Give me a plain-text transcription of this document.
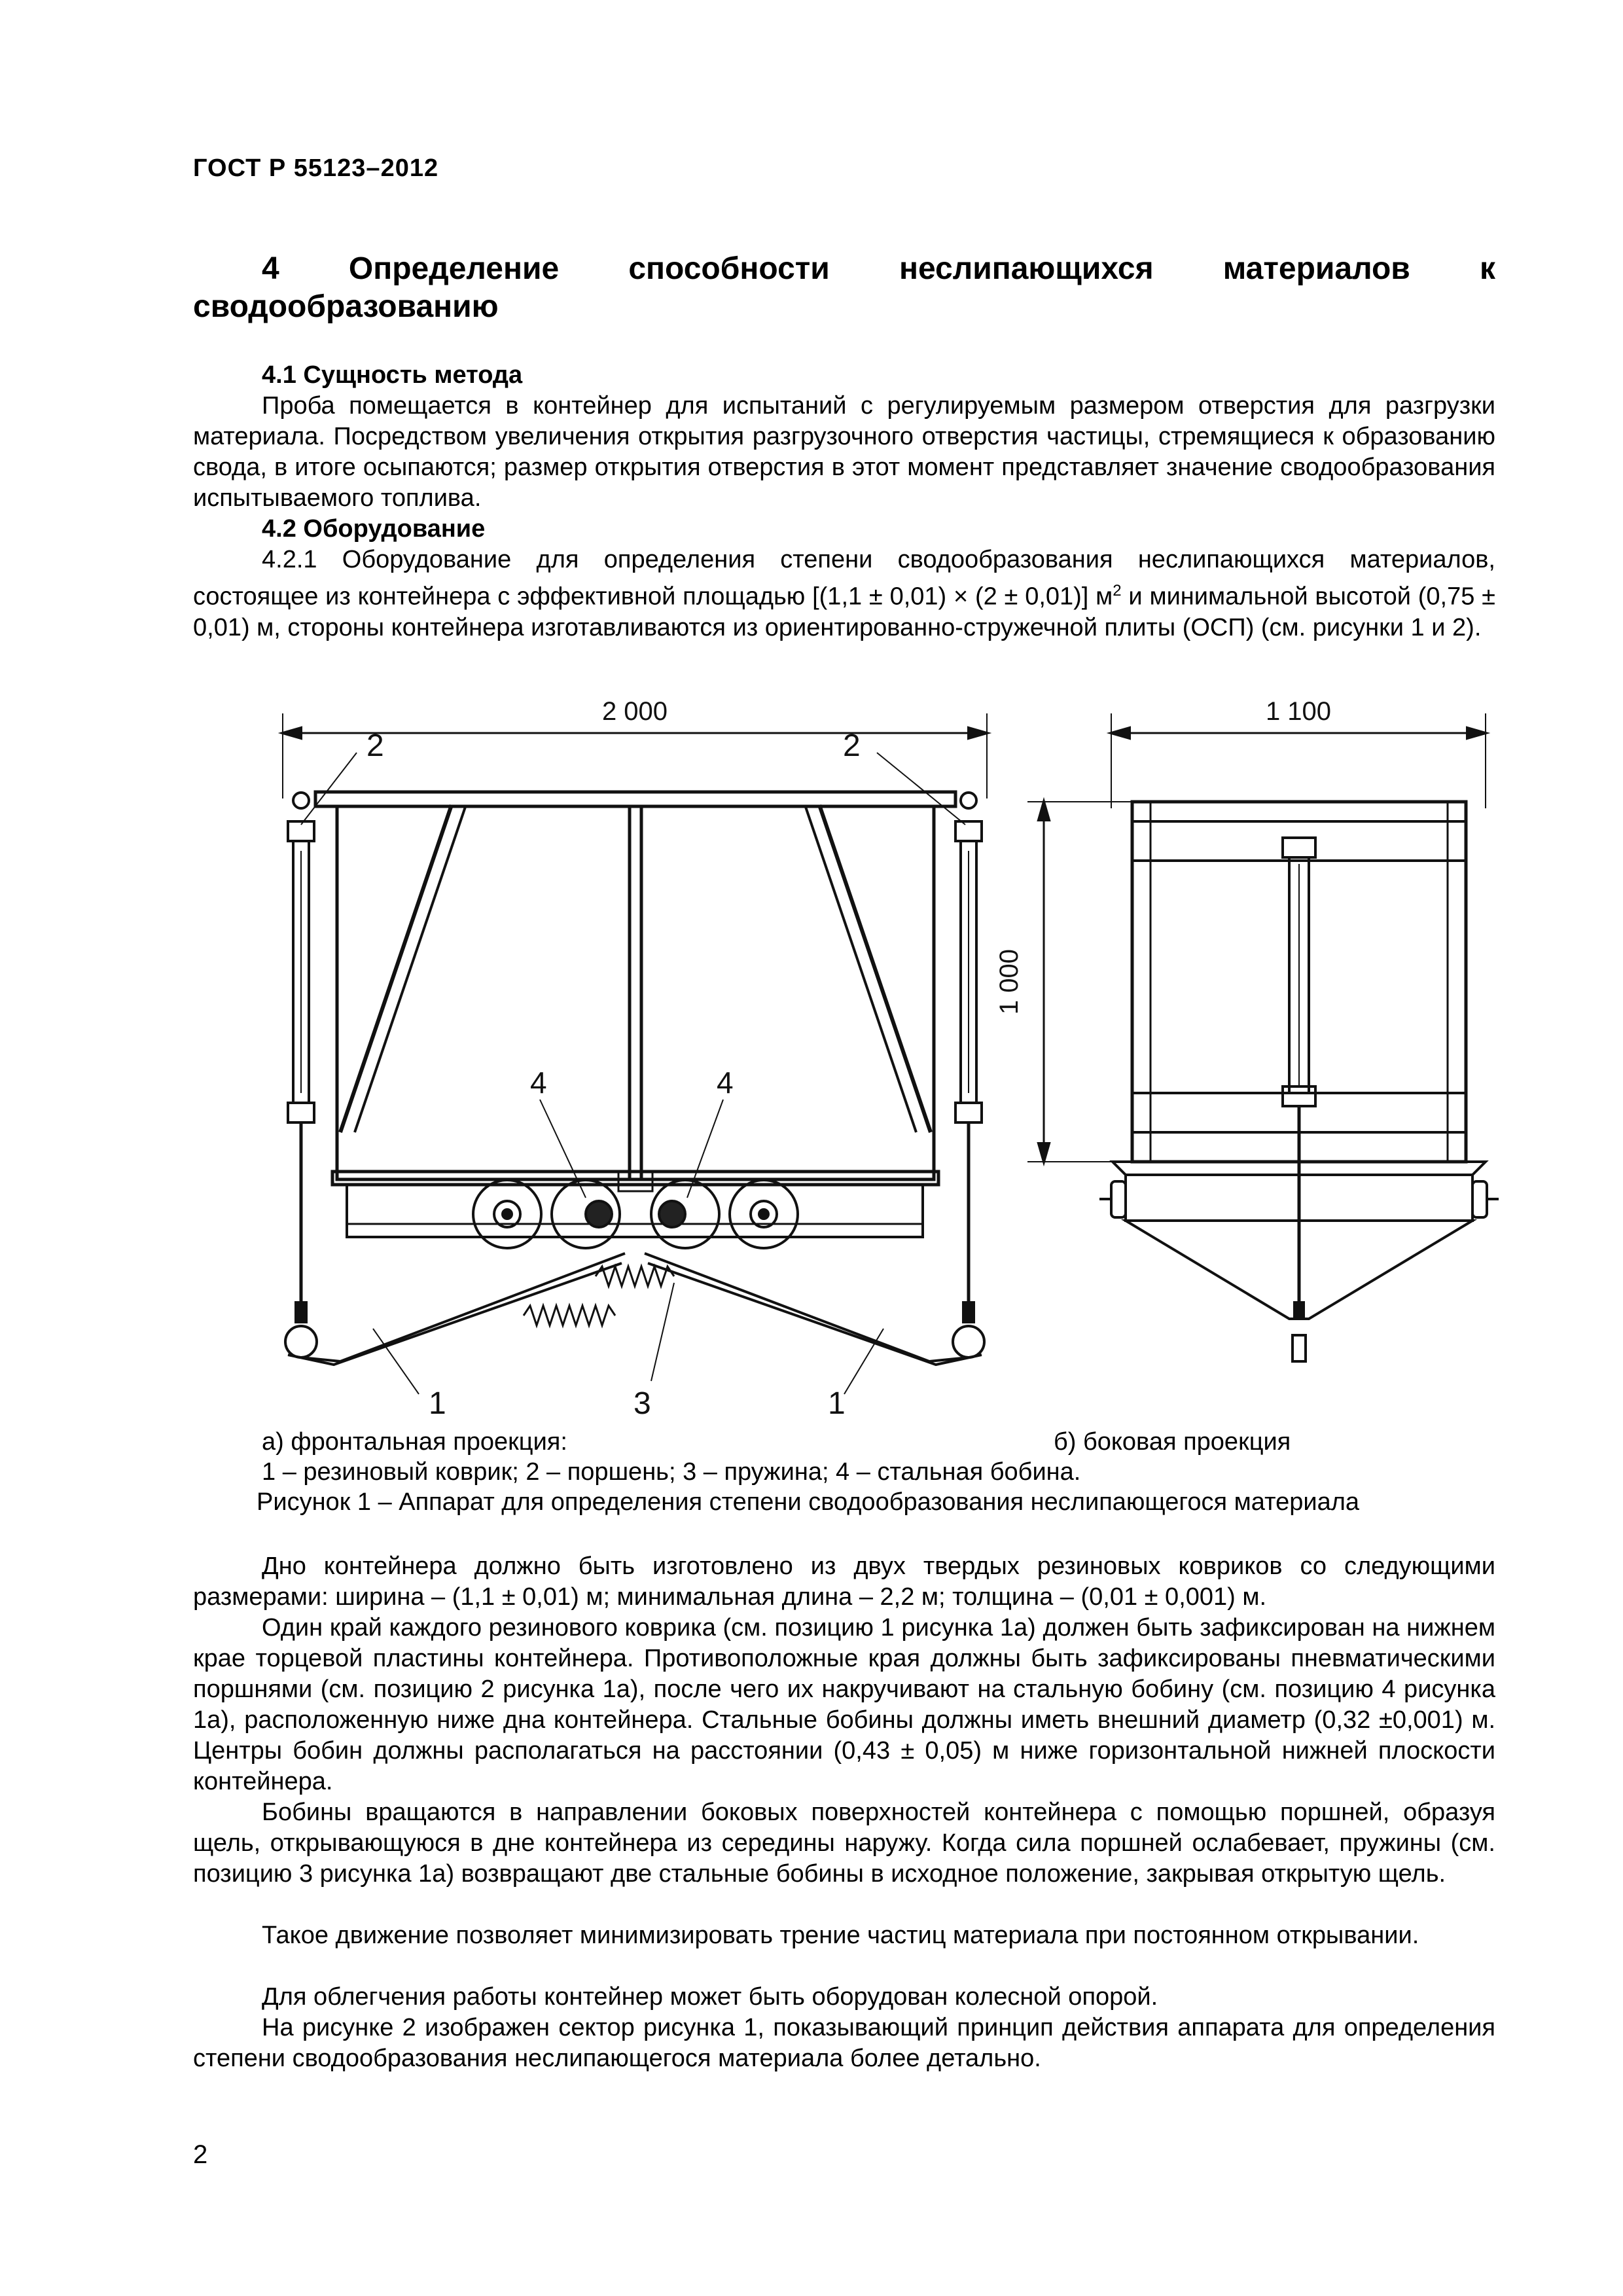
ГОСТ Р 55123–2012
4 Определение способности неслипающихся материалов к
сводообразованию
4.1 Сущность метода
Проба помещается в контейнер для испытаний с регулируемым размером отверстия для разгрузки материала. Посредством увеличения открытия разгрузочного отверстия частицы, стремящиеся к образованию свода, в итоге осыпаются; размер открытия отверстия в этот момент представляет значение сводообразования испытываемого топлива.
4.2 Оборудование
4.2.1 Оборудование для определения степени сводообразования неслипающихся материалов, состоящее из контейнера с эффективной площадью [(1,1 ± 0,01) × (2 ± 0,01)] $м^2$ и минимальной высотой (0,75 ± 0,01) м, стороны контейнера изготавливаются из ориентированно-стружечной плиты (ОСП) (см. рисунки 1 и 2).
2 000
2	2
4	4
1	1
3
1 100
1 000
а) фронтальная проекция:	б) боковая проекция
1 – резиновый коврик; 2 – поршень; 3 – пружина; 4 – стальная бобина.
Рисунок 1 – Аппарат для определения степени сводообразования неслипающегося материала
Дно контейнера должно быть изготовлено из двух твердых резиновых ковриков со следующими размерами: ширина – (1,1 ± 0,01) м; минимальная длина – 2,2 м; толщина – (0,01 ± 0,001) м.
Один край каждого резинового коврика (см. позицию 1 рисунка 1а) должен быть зафиксирован на нижнем крае торцевой пластины контейнера. Противоположные края должны быть зафиксированы пневматическими поршнями (см. позицию 2 рисунка 1а), после чего их накручивают на стальную бобину (см. позицию 4 рисунка 1а), расположенную ниже дна контейнера. Стальные бобины должны иметь внешний диаметр (0,32 ±0,001) м. Центры бобин должны располагаться на расстоянии (0,43 ± 0,05) м ниже горизонтальной нижней плоскости контейнера.
Бобины вращаются в направлении боковых поверхностей контейнера с помощью поршней, образуя щель, открывающуюся в дне контейнера из середины наружу. Когда сила поршней ослабевает, пружины (см. позицию 3 рисунка 1а) возвращают две стальные бобины в исходное положение, закрывая открытую щель.
Такое движение позволяет минимизировать трение частиц материала при постоянном открывании.
Для облегчения работы контейнер может быть оборудован колесной опорой.
На рисунке 2 изображен сектор рисунка 1, показывающий принцип действия аппарата для определения степени сводообразования неслипающегося материала более детально.
2
